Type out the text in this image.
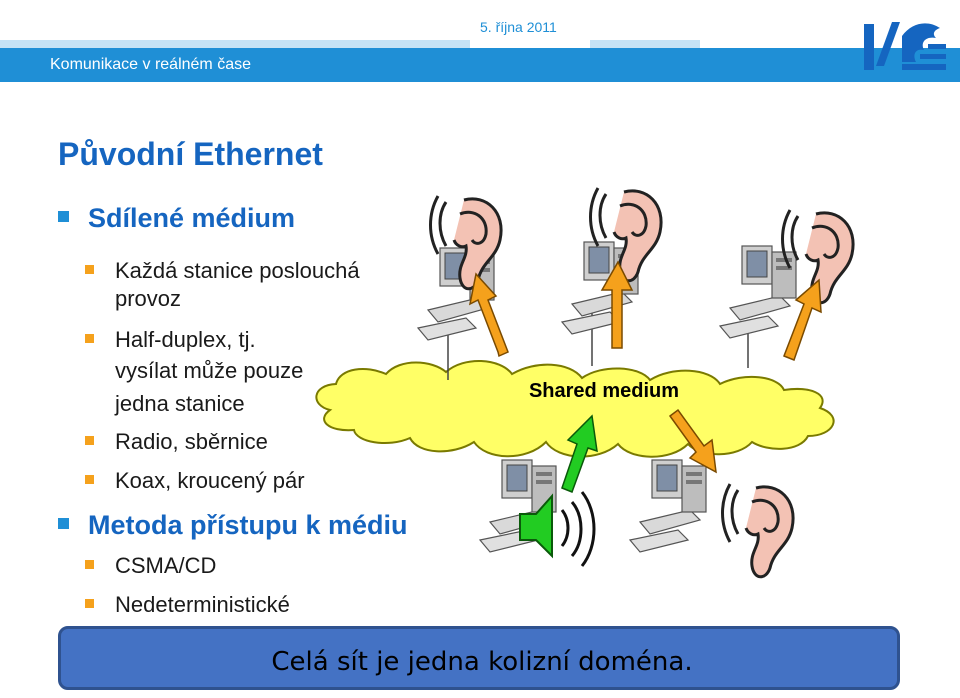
Komunikace v reálném čase
5. října 2011
Původní Ethernet
Sdílené médium
Každá stanice poslouchá
provoz
Half-duplex, tj.
vysílat může pouze
jedna stanice
Radio, sběrnice
Koax, kroucený pár
Metoda přístupu k médiu
CSMA/CD
Nedeterministické
Shared medium
Celá sít je jedna kolizní doména.
